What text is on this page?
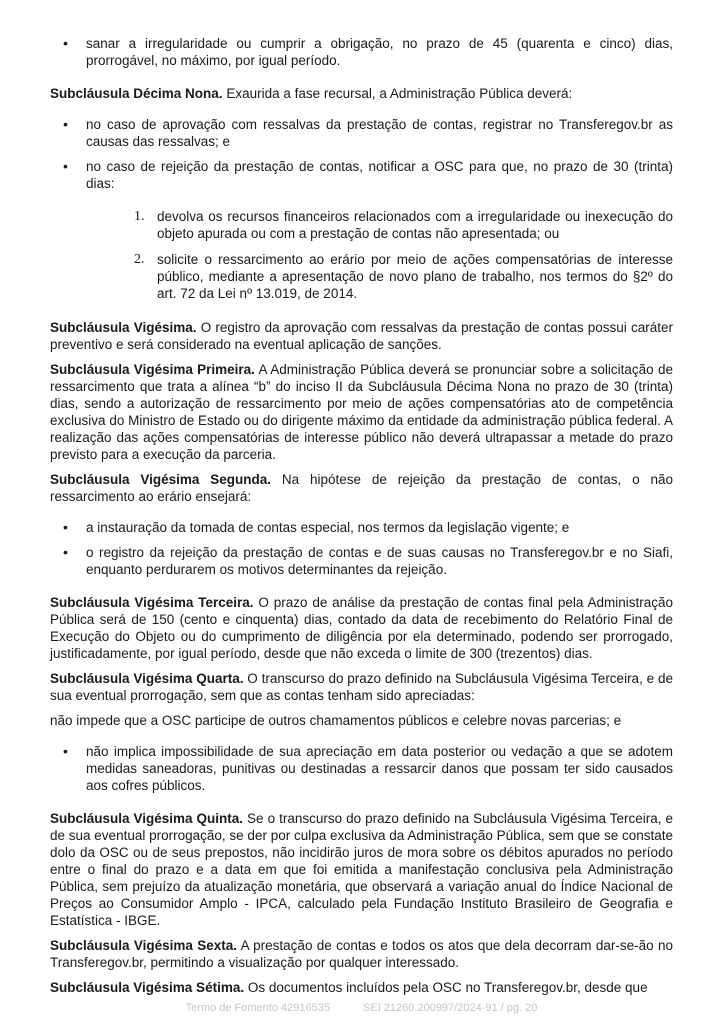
• sanar a irregularidade ou cumprir a obrigação, no prazo de 45 (quarenta e cinco) dias, prorrogável, no máximo, por igual período.

Subcláusula Décima Nona. Exaurida a fase recursal, a Administração Pública deverá:

• no caso de aprovação com ressalvas da prestação de contas, registrar no Transferegov.br as causas das ressalvas; e
• no caso de rejeição da prestação de contas, notificar a OSC para que, no prazo de 30 (trinta) dias:
1. devolva os recursos financeiros relacionados com a irregularidade ou inexecução do objeto apurada ou com a prestação de contas não apresentada; ou
2. solicite o ressarcimento ao erário por meio de ações compensatórias de interesse público, mediante a apresentação de novo plano de trabalho, nos termos do §2º do art. 72 da Lei nº 13.019, de 2014.

Subcláusula Vigésima. O registro da aprovação com ressalvas da prestação de contas possui caráter preventivo e será considerado na eventual aplicação de sanções.

Subcláusula Vigésima Primeira. A Administração Pública deverá se pronunciar sobre a solicitação de ressarcimento que trata a alínea “b” do inciso II da Subcláusula Décima Nona no prazo de 30 (trinta) dias, sendo a autorização de ressarcimento por meio de ações compensatórias ato de competência exclusiva do Ministro de Estado ou do dirigente máximo da entidade da administração pública federal. A realização das ações compensatórias de interesse público não deverá ultrapassar a metade do prazo previsto para a execução da parceria.

Subcláusula Vigésima Segunda. Na hipótese de rejeição da prestação de contas, o não ressarcimento ao erário ensejará:

• a instauração da tomada de contas especial, nos termos da legislação vigente; e
• o registro da rejeição da prestação de contas e de suas causas no Transferegov.br e no Siafi, enquanto perdurarem os motivos determinantes da rejeição.

Subcláusula Vigésima Terceira. O prazo de análise da prestação de contas final pela Administração Pública será de 150 (cento e cinquenta) dias, contado da data de recebimento do Relatório Final de Execução do Objeto ou do cumprimento de diligência por ela determinado, podendo ser prorrogado, justificadamente, por igual período, desde que não exceda o limite de 300 (trezentos) dias.

Subcláusula Vigésima Quarta. O transcurso do prazo definido na Subcláusula Vigésima Terceira, e de sua eventual prorrogação, sem que as contas tenham sido apreciadas:

não impede que a OSC participe de outros chamamentos públicos e celebre novas parcerias; e

• não implica impossibilidade de sua apreciação em data posterior ou vedação a que se adotem medidas saneadoras, punitivas ou destinadas a ressarcir danos que possam ter sido causados aos cofres públicos.

Subcláusula Vigésima Quinta. Se o transcurso do prazo definido na Subcláusula Vigésima Terceira, e de sua eventual prorrogação, se der por culpa exclusiva da Administração Pública, sem que se constate dolo da OSC ou de seus prepostos, não incidirão juros de mora sobre os débitos apurados no período entre o final do prazo e a data em que foi emitida a manifestação conclusiva pela Administração Pública, sem prejuízo da atualização monetária, que observará a variação anual do Índice Nacional de Preços ao Consumidor Amplo - IPCA, calculado pela Fundação Instituto Brasileiro de Geografia e Estatística - IBGE.

Subcláusula Vigésima Sexta. A prestação de contas e todos os atos que dela decorram dar-se-ão no Transferegov.br, permitindo a visualização por qualquer interessado.

Subcláusula Vigésima Sétima. Os documentos incluídos pela OSC no Transferegov.br, desde que

Termo de Fomento 42916535	SEI 21260.200997/2024-91 / pg. 20
